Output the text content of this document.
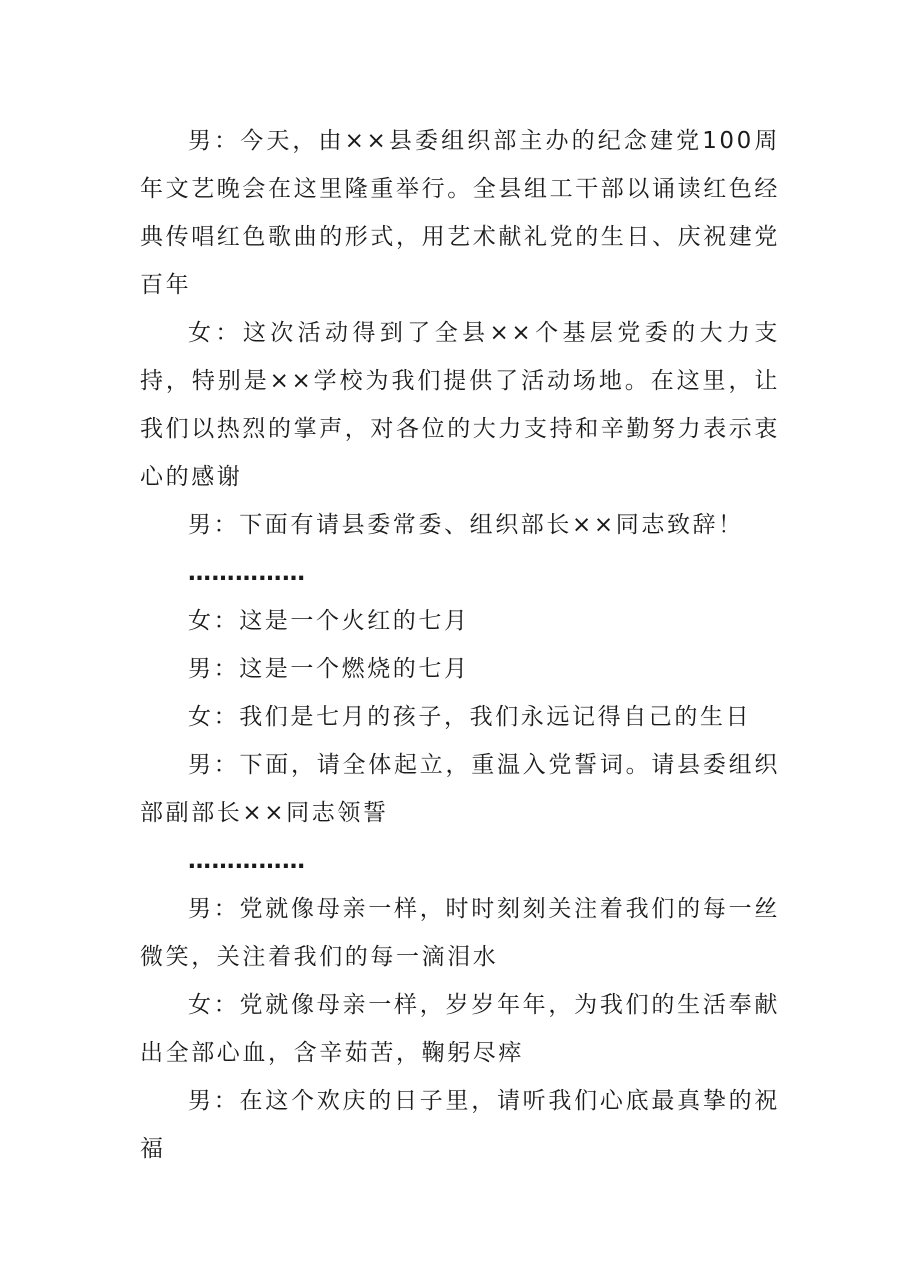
男：今天，由××县委组织部主办的纪念建党100周年文艺晚会在这里隆重举行。全县组工干部以诵读红色经典传唱红色歌曲的形式，用艺术献礼党的生日、庆祝建党百年

女：这次活动得到了全县××个基层党委的大力支持，特别是××学校为我们提供了活动场地。在这里，让我们以热烈的掌声，对各位的大力支持和辛勤努力表示衷心的感谢

男：下面有请县委常委、组织部长××同志致辞！

……………

女：这是一个火红的七月

男：这是一个燃烧的七月

女：我们是七月的孩子，我们永远记得自己的生日

男：下面，请全体起立，重温入党誓词。请县委组织部副部长××同志领誓

……………

男：党就像母亲一样，时时刻刻关注着我们的每一丝微笑，关注着我们的每一滴泪水

女：党就像母亲一样，岁岁年年，为我们的生活奉献出全部心血，含辛茹苦，鞠躬尽瘁

男：在这个欢庆的日子里，请听我们心底最真挚的祝福
